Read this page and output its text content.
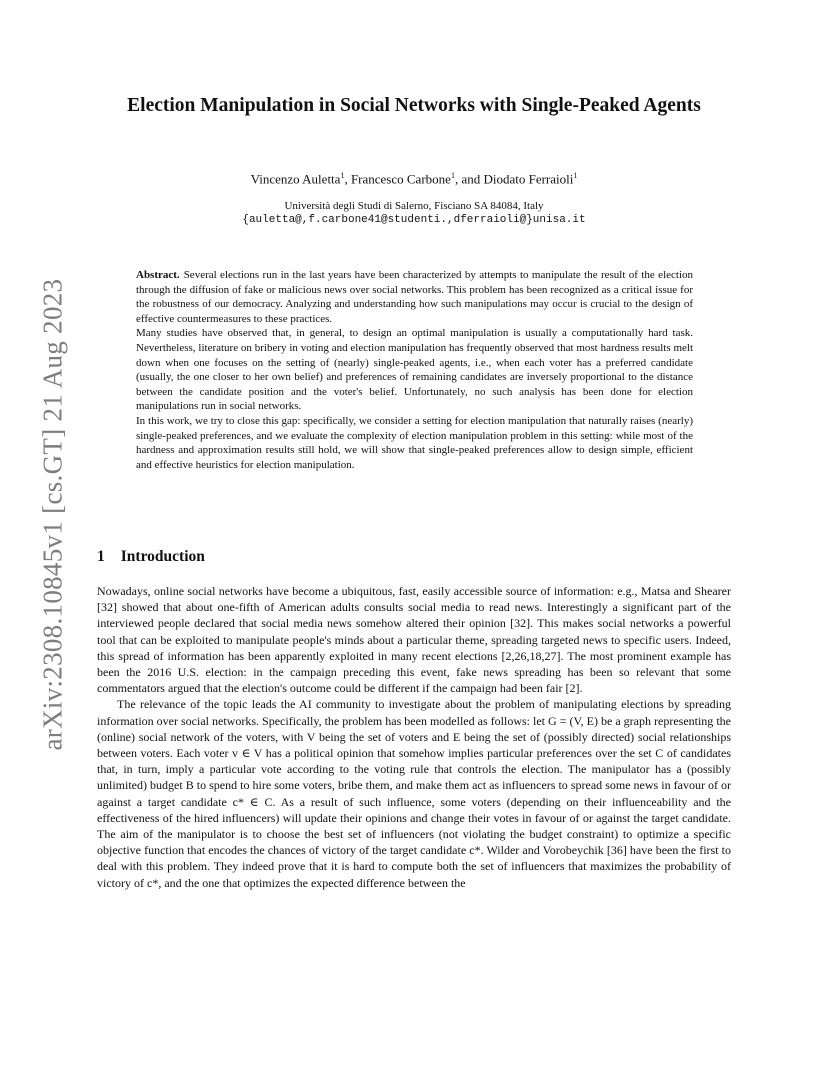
arXiv:2308.10845v1 [cs.GT] 21 Aug 2023
Election Manipulation in Social Networks with Single-Peaked Agents
Vincenzo Auletta$^1$, Francesco Carbone$^1$, and Diodato Ferraioli$^1$
Università degli Studi di Salerno, Fisciano SA 84084, Italy
{auletta@,f.carbone41@studenti.,dferraioli@}unisa.it

Abstract. Several elections run in the last years have been characterized by attempts to manipulate the result of the election through the diffusion of fake or malicious news over social networks. This problem has been recognized as a critical issue for the robustness of our democracy. Analyzing and understanding how such manipulations may occur is crucial to the design of effective countermeasures to these practices.

Many studies have observed that, in general, to design an optimal manipulation is usually a computationally hard task. Nevertheless, literature on bribery in voting and election manipulation has frequently observed that most hardness results melt down when one focuses on the setting of (nearly) single-peaked agents, i.e., when each voter has a preferred candidate (usually, the one closer to her own belief) and preferences of remaining candidates are inversely proportional to the distance between the candidate position and the voter's belief. Unfortunately, no such analysis has been done for election manipulations run in social networks.

In this work, we try to close this gap: specifically, we consider a setting for election manipulation that naturally raises (nearly) single-peaked preferences, and we evaluate the complexity of election manipulation problem in this setting: while most of the hardness and approximation results still hold, we will show that single-peaked preferences allow to design simple, efficient and effective heuristics for election manipulation.

1 Introduction

Nowadays, online social networks have become a ubiquitous, fast, easily accessible source of information: e.g., Matsa and Shearer [32] showed that about one-fifth of American adults consults social media to read news. Interestingly a significant part of the interviewed people declared that social media news somehow altered their opinion [32]. This makes social networks a powerful tool that can be exploited to manipulate people's minds about a particular theme, spreading targeted news to specific users. Indeed, this spread of information has been apparently exploited in many recent elections [2,26,18,27]. The most prominent example has been the 2016 U.S. election: in the campaign preceding this event, fake news spreading has been so relevant that some commentators argued that the election's outcome could be different if the campaign had been fair [2].

The relevance of the topic leads the AI community to investigate about the problem of manipulating elections by spreading information over social networks. Specifically, the problem has been modelled as follows: let G = (V, E) be a graph representing the (online) social network of the voters, with V being the set of voters and E being the set of (possibly directed) social relationships between voters. Each voter v ∈ V has a political opinion that somehow implies particular preferences over the set C of candidates that, in turn, imply a particular vote according to the voting rule that controls the election. The manipulator has a (possibly unlimited) budget B to spend to hire some voters, bribe them, and make them act as influencers to spread some news in favour of or against a target candidate c* ∈ C. As a result of such influence, some voters (depending on their influenceability and the effectiveness of the hired influencers) will update their opinions and change their votes in favour of or against the target candidate. The aim of the manipulator is to choose the best set of influencers (not violating the budget constraint) to optimize a specific objective function that encodes the chances of victory of the target candidate c*. Wilder and Vorobeychik [36] have been the first to deal with this problem. They indeed prove that it is hard to compute both the set of influencers that maximizes the probability of victory of c*, and the one that optimizes the expected difference between the
